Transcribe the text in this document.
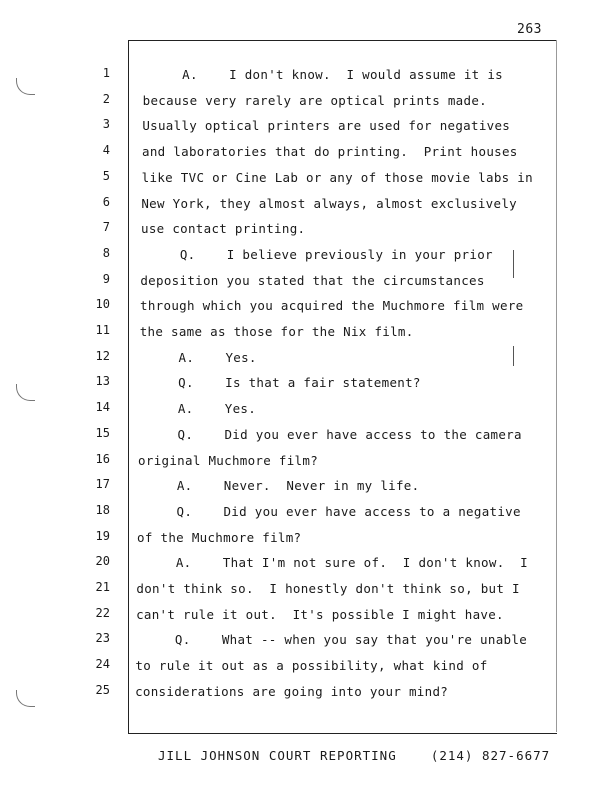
263
1	A.    I don't know.  I would assume it is
2	because very rarely are optical prints made.
3	Usually optical printers are used for negatives
4	and laboratories that do printing.  Print houses
5	like TVC or Cine Lab or any of those movie labs in
6	New York, they almost always, almost exclusively
7 use contact printing.
8 Q.    I believe previously in your prior
9 deposition you stated that the circumstances
10 through which you acquired the Muchmore film were
11 the same as those for the Nix film.
12 A.    Yes.
13 Q.    Is that a fair statement?
14 A.    Yes.
15 Q.    Did you ever have access to the camera
16 original Muchmore film?
17 A.    Never.  Never in my life.
18 Q.    Did you ever have access to a negative
19 of the Muchmore film?
20 A.    That I'm not sure of.  I don't know.  I
21 don't think so.  I honestly don't think so, but I
22 can't rule it out.  It's possible I might have.
23 Q.    What -- when you say that you're unable
24 to rule it out as a possibility, what kind of
25 considerations are going into your mind?
JILL JOHNSON COURT REPORTING    (214) 827-6677
